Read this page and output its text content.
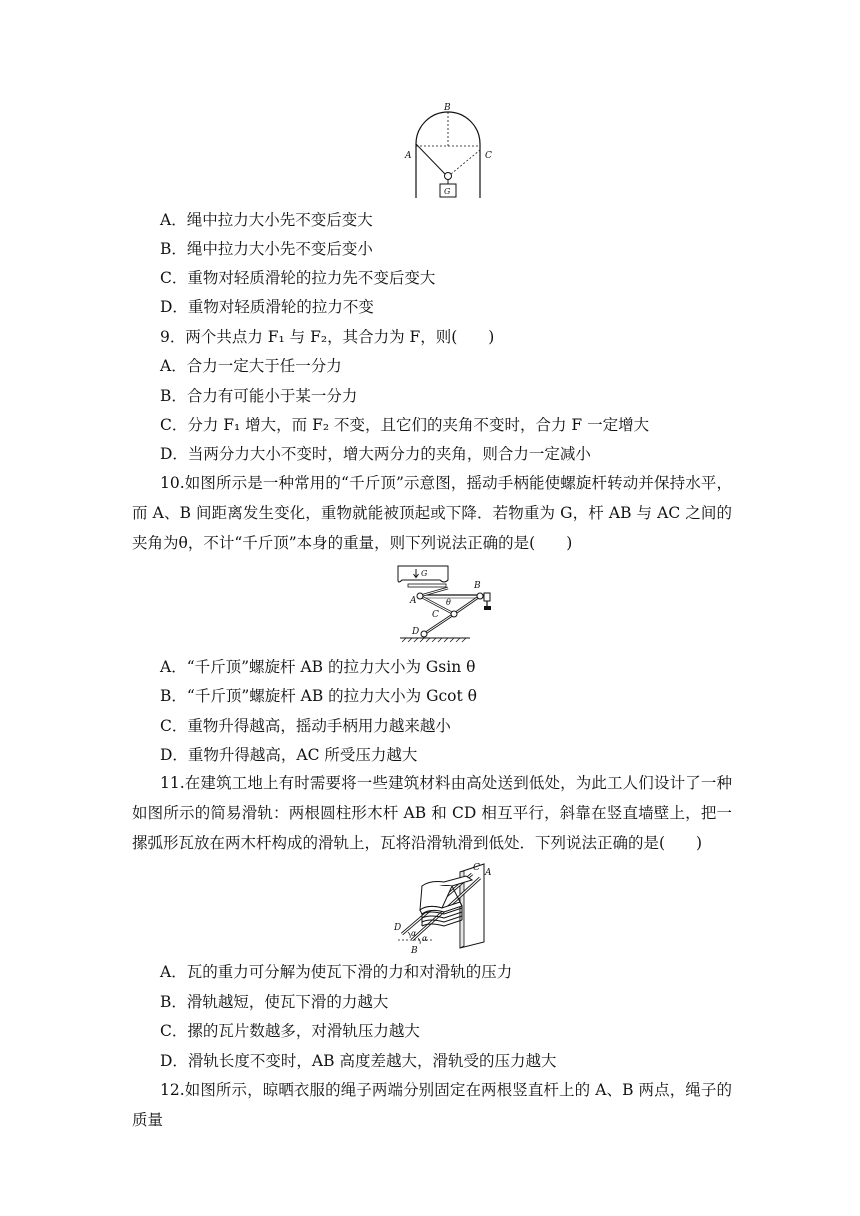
B
A	C
G
A．绳中拉力大小先不变后变大
B．绳中拉力大小先不变后变小
C．重物对轻质滑轮的拉力先不变后变大
D．重物对轻质滑轮的拉力不变
9．两个共点力 F₁ 与 F₂，其合力为 F，则(　　)
A．合力一定大于任一分力
B．合力有可能小于某一分力
C．分力 F₁ 增大，而 F₂ 不变，且它们的夹角不变时，合力 F 一定增大
D．当两分力大小不变时，增大两分力的夹角，则合力一定减小

10.如图所示是一种常用的“千斤顶”示意图，摇动手柄能使螺旋杆转动并保持水平，而 A、B 间距离发生变化，重物就能被顶起或下降．若物重为 G，杆 AB 与 AC 之间的夹角为θ，不计“千斤顶”本身的重量，则下列说法正确的是(　　)

G
B
A	θ
C
D
A．“千斤顶”螺旋杆 AB 的拉力大小为 Gsin θ
B．“千斤顶”螺旋杆 AB 的拉力大小为 Gcot θ
C．重物升得越高，摇动手柄用力越来越小
D．重物升得越高，AC 所受压力越大

11.在建筑工地上有时需要将一些建筑材料由高处送到低处，为此工人们设计了一种如图所示的简易滑轨：两根圆柱形木杆 AB 和 CD 相互平行，斜靠在竖直墙壁上，把一摞弧形瓦放在两木杆构成的滑轨上，瓦将沿滑轨滑到低处．下列说法正确的是(　　)

C A
D
α
α
B
A．瓦的重力可分解为使瓦下滑的力和对滑轨的压力
B．滑轨越短，使瓦下滑的力越大
C．摞的瓦片数越多，对滑轨压力越大
D．滑轨长度不变时，AB 高度差越大，滑轨受的压力越大

12.如图所示，晾晒衣服的绳子两端分别固定在两根竖直杆上的 A、B 两点，绳子的质量
